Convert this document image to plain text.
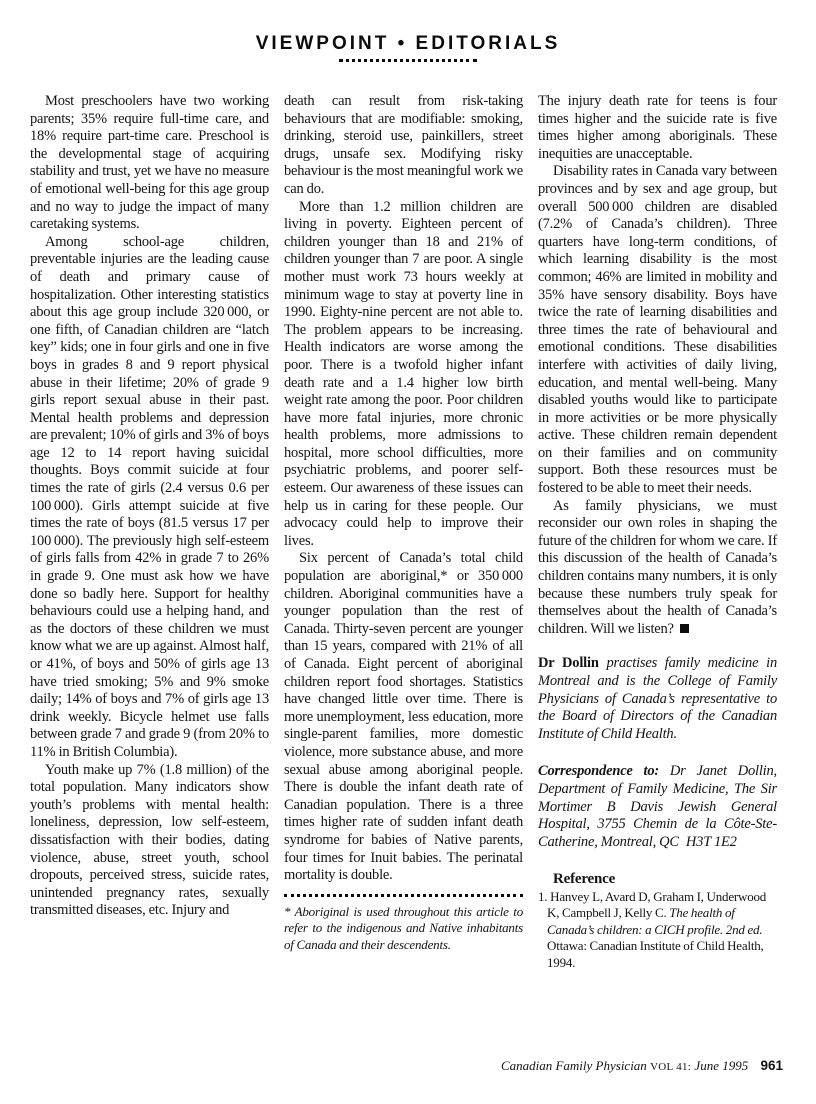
VIEWPOINT • EDITORIALS

Most preschoolers have two working parents; 35% require full-time care, and 18% require part-time care. Preschool is the developmental stage of acquiring stability and trust, yet we have no measure of emotional well-being for this age group and no way to judge the impact of many caretaking systems.

Among school-age children, preventable injuries are the leading cause of death and primary cause of hospitalization. Other interesting statistics about this age group include 320 000, or one fifth, of Canadian children are “latch key” kids; one in four girls and one in five boys in grades 8 and 9 report physical abuse in their lifetime; 20% of grade 9 girls report sexual abuse in their past. Mental health problems and depression are prevalent; 10% of girls and 3% of boys age 12 to 14 report having suicidal thoughts. Boys commit suicide at four times the rate of girls (2.4 versus 0.6 per 100 000). Girls attempt suicide at five times the rate of boys (81.5 versus 17 per 100 000). The previously high self-esteem of girls falls from 42% in grade 7 to 26% in grade 9. One must ask how we have done so badly here. Support for healthy behaviours could use a helping hand, and as the doctors of these children we must know what we are up against. Almost half, or 41%, of boys and 50% of girls age 13 have tried smoking; 5% and 9% smoke daily; 14% of boys and 7% of girls age 13 drink weekly. Bicycle helmet use falls between grade 7 and grade 9 (from 20% to 11% in British Columbia).

Youth make up 7% (1.8 million) of the total population. Many indicators show youth’s problems with mental health: loneliness, depression, low self-esteem, dissatisfaction with their bodies, dating violence, abuse, street youth, school dropouts, perceived stress, suicide rates, unintended pregnancy rates, sexually transmitted diseases, etc. Injury and

death can result from risk-taking behaviours that are modifiable: smoking, drinking, steroid use, painkillers, street drugs, unsafe sex. Modifying risky behaviour is the most meaningful work we can do.

More than 1.2 million children are living in poverty. Eighteen percent of children younger than 18 and 21% of children younger than 7 are poor. A single mother must work 73 hours weekly at minimum wage to stay at poverty line in 1990. Eighty-nine percent are not able to. The problem appears to be increasing. Health indicators are worse among the poor. There is a twofold higher infant death rate and a 1.4 higher low birth weight rate among the poor. Poor children have more fatal injuries, more chronic health problems, more admissions to hospital, more school difficulties, more psychiatric problems, and poorer self-esteem. Our awareness of these issues can help us in caring for these people. Our advocacy could help to improve their lives.

Six percent of Canada’s total child population are aboriginal,* or 350 000 children. Aboriginal communities have a younger population than the rest of Canada. Thirty-seven percent are younger than 15 years, compared with 21% of all of Canada. Eight percent of aboriginal children report food shortages. Statistics have changed little over time. There is more unemployment, less education, more single-parent families, more domestic violence, more substance abuse, and more sexual abuse among aboriginal people. There is double the infant death rate of Canadian population. There is a three times higher rate of sudden infant death syndrome for babies of Native parents, four times for Inuit babies. The perinatal mortality is double.

* Aboriginal is used throughout this article to refer to the indigenous and Native inhabitants of Canada and their descendents.

The injury death rate for teens is four times higher and the suicide rate is five times higher among aboriginals. These inequities are unacceptable.

Disability rates in Canada vary between provinces and by sex and age group, but overall 500 000 children are disabled (7.2% of Canada’s children). Three quarters have long-term conditions, of which learning disability is the most common; 46% are limited in mobility and 35% have sensory disability. Boys have twice the rate of learning disabilities and three times the rate of behavioural and emotional conditions. These disabilities interfere with activities of daily living, education, and mental well-being. Many disabled youths would like to participate in more activities or be more physically active. These children remain dependent on their families and on community support. Both these resources must be fostered to be able to meet their needs.

As family physicians, we must reconsider our own roles in shaping the future of the children for whom we care. If this discussion of the health of Canada’s children contains many numbers, it is only because these numbers truly speak for themselves about the health of Canada’s children. Will we listen?

Dr Dollin practises family medicine in Montreal and is the College of Family Physicians of Canada’s representative to the Board of Directors of the Canadian Institute of Child Health.
Correspondence to: Dr Janet Dollin, Department of Family Medicine, The Sir Mortimer B Davis Jewish General Hospital, 3755 Chemin de la Côte-Ste-Catherine, Montreal, QC H3T 1E2

Reference

1. Hanvey L, Avard D, Graham I, Underwood K, Campbell J, Kelly C. The health of Canada’s children: a CICH profile. 2nd ed. Ottawa: Canadian Institute of Child Health, 1994.
Canadian Family Physician VOL 41: June 1995 961
